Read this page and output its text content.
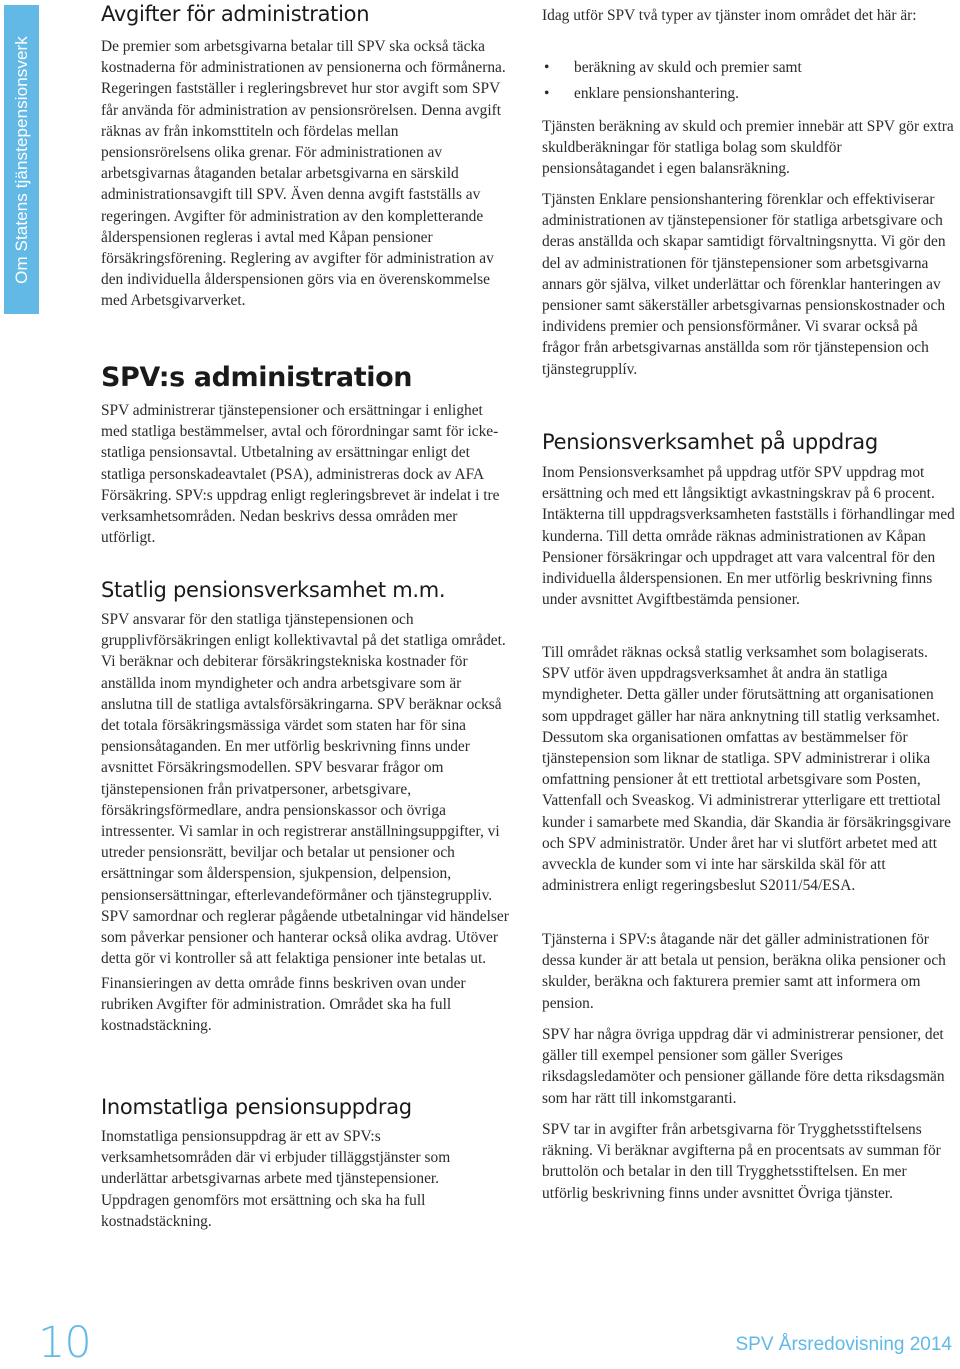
Om Statens tjänstepensionsverk
Avgifter för administration

De premier som arbetsgivarna betalar till SPV ska också täcka kostnaderna för administrationen av pensionerna och förmånerna. Regeringen fastställer i regleringsbrevet hur stor avgift som SPV får använda för administration av pensionsrörelsen. Denna avgift räknas av från inkomsttiteln och fördelas mellan pensionsrörelsens olika grenar. För administrationen av arbetsgivarnas åtaganden betalar arbetsgivarna en särskild administrationsavgift till SPV. Även denna avgift fastställs av regeringen. Avgifter för administration av den kompletterande ålderspensionen regleras i avtal med Kåpan pensioner försäkringsförening. Reglering av avgifter för administration av den individuella ålderspensionen görs via en överenskommelse med Arbetsgivarverket.

SPV:s administration

SPV administrerar tjänstepensioner och ersättningar i enlighet med statliga bestämmelser, avtal och förordningar samt för icke-statliga pensionsavtal. Utbetalning av ersättningar enligt det statliga personskadeavtalet (PSA), administreras dock av AFA Försäkring. SPV:s uppdrag enligt regleringsbrevet är indelat i tre verksamhetsområden. Nedan beskrivs dessa områden mer utförligt.

Statlig pensionsverksamhet m.m.

SPV ansvarar för den statliga tjänstepensionen och grupplivförsäkringen enligt kollektivavtal på det statliga området. Vi beräknar och debiterar försäkringstekniska kostnader för anställda inom myndigheter och andra arbetsgivare som är anslutna till de statliga avtalsförsäkringarna. SPV beräknar också det totala försäkringsmässiga värdet som staten har för sina pensionsåtaganden. En mer utförlig beskrivning finns under avsnittet Försäkringsmodellen. SPV besvarar frågor om tjänstepensionen från privatpersoner, arbetsgivare, försäkringsförmedlare, andra pensionskassor och övriga intressenter. Vi samlar in och registrerar anställningsuppgifter, vi utreder pensionsrätt, beviljar och betalar ut pensioner och ersättningar som ålderspension, sjukpension, delpension, pensionsersättningar, efterlevandeförmåner och tjänstegruppliv. SPV samordnar och reglerar pågående utbetalningar vid händelser som påverkar pensioner och hanterar också olika avdrag. Utöver detta gör vi kontroller så att felaktiga pensioner inte betalas ut.

Finansieringen av detta område finns beskriven ovan under rubriken Avgifter för administration. Området ska ha full kostnadstäckning.

Inomstatliga pensionsuppdrag

Inomstatliga pensionsuppdrag är ett av SPV:s verksamhetsområden där vi erbjuder tilläggstjänster som underlättar arbetsgivarnas arbete med tjänstepensioner. Uppdragen genomförs mot ersättning och ska ha full kostnadstäckning.

Idag utför SPV två typer av tjänster inom området det här är:

• beräkning av skuld och premier samt
• enklare pensionshantering.

Tjänsten beräkning av skuld och premier innebär att SPV gör extra skuldberäkningar för statliga bolag som skuldför pensionsåtagandet i egen balansräkning.

Tjänsten Enklare pensionshantering förenklar och effektiviserar administrationen av tjänstepensioner för statliga arbetsgivare och deras anställda och skapar samtidigt förvaltningsnytta. Vi gör den del av administrationen för tjänstepensioner som arbetsgivarna annars gör själva, vilket underlättar och förenklar hanteringen av pensioner samt säkerställer arbetsgivarnas pensionskostnader och individens premier och pensionsförmåner. Vi svarar också på frågor från arbetsgivarnas anställda som rör tjänstepension och tjänstegrupplív.

Pensionsverksamhet på uppdrag

Inom Pensionsverksamhet på uppdrag utför SPV uppdrag mot ersättning och med ett långsiktigt avkastningskrav på 6 procent. Intäkterna till uppdragsverksamheten fastställs i förhandlingar med kunderna. Till detta område räknas administrationen av Kåpan Pensioner försäkringar och uppdraget att vara valcentral för den individuella ålderspensionen. En mer utförlig beskrivning finns under avsnittet Avgiftbestämda pensioner.

Till området räknas också statlig verksamhet som bolagiserats. SPV utför även uppdragsverksamhet åt andra än statliga myndigheter. Detta gäller under förutsättning att organisationen som uppdraget gäller har nära anknytning till statlig verksamhet. Dessutom ska organisationen omfattas av bestämmelser för tjänstepension som liknar de statliga. SPV administrerar i olika omfattning pensioner åt ett trettiotal arbetsgivare som Posten, Vattenfall och Sveaskog. Vi administrerar ytterligare ett trettiotal kunder i samarbete med Skandia, där Skandia är försäkringsgivare och SPV administratör. Under året har vi slutfört arbetet med att avveckla de kunder som vi inte har särskilda skäl för att administrera enligt regeringsbeslut S2011/54/ESA.

Tjänsterna i SPV:s åtagande när det gäller administrationen för dessa kunder är att betala ut pension, beräkna olika pensioner och skulder, beräkna och fakturera premier samt att informera om pension.

SPV har några övriga uppdrag där vi administrerar pensioner, det gäller till exempel pensioner som gäller Sveriges riksdagsledamöter och pensioner gällande före detta riksdagsmän som har rätt till inkomstgaranti.

SPV tar in avgifter från arbetsgivarna för Trygghetsstiftelsens räkning. Vi beräknar avgifterna på en procentsats av summan för bruttolön och betalar in den till Trygghetsstiftelsen. En mer utförlig beskrivning finns under avsnittet Övriga tjänster.

10	SPV Årsredovisning 2014
